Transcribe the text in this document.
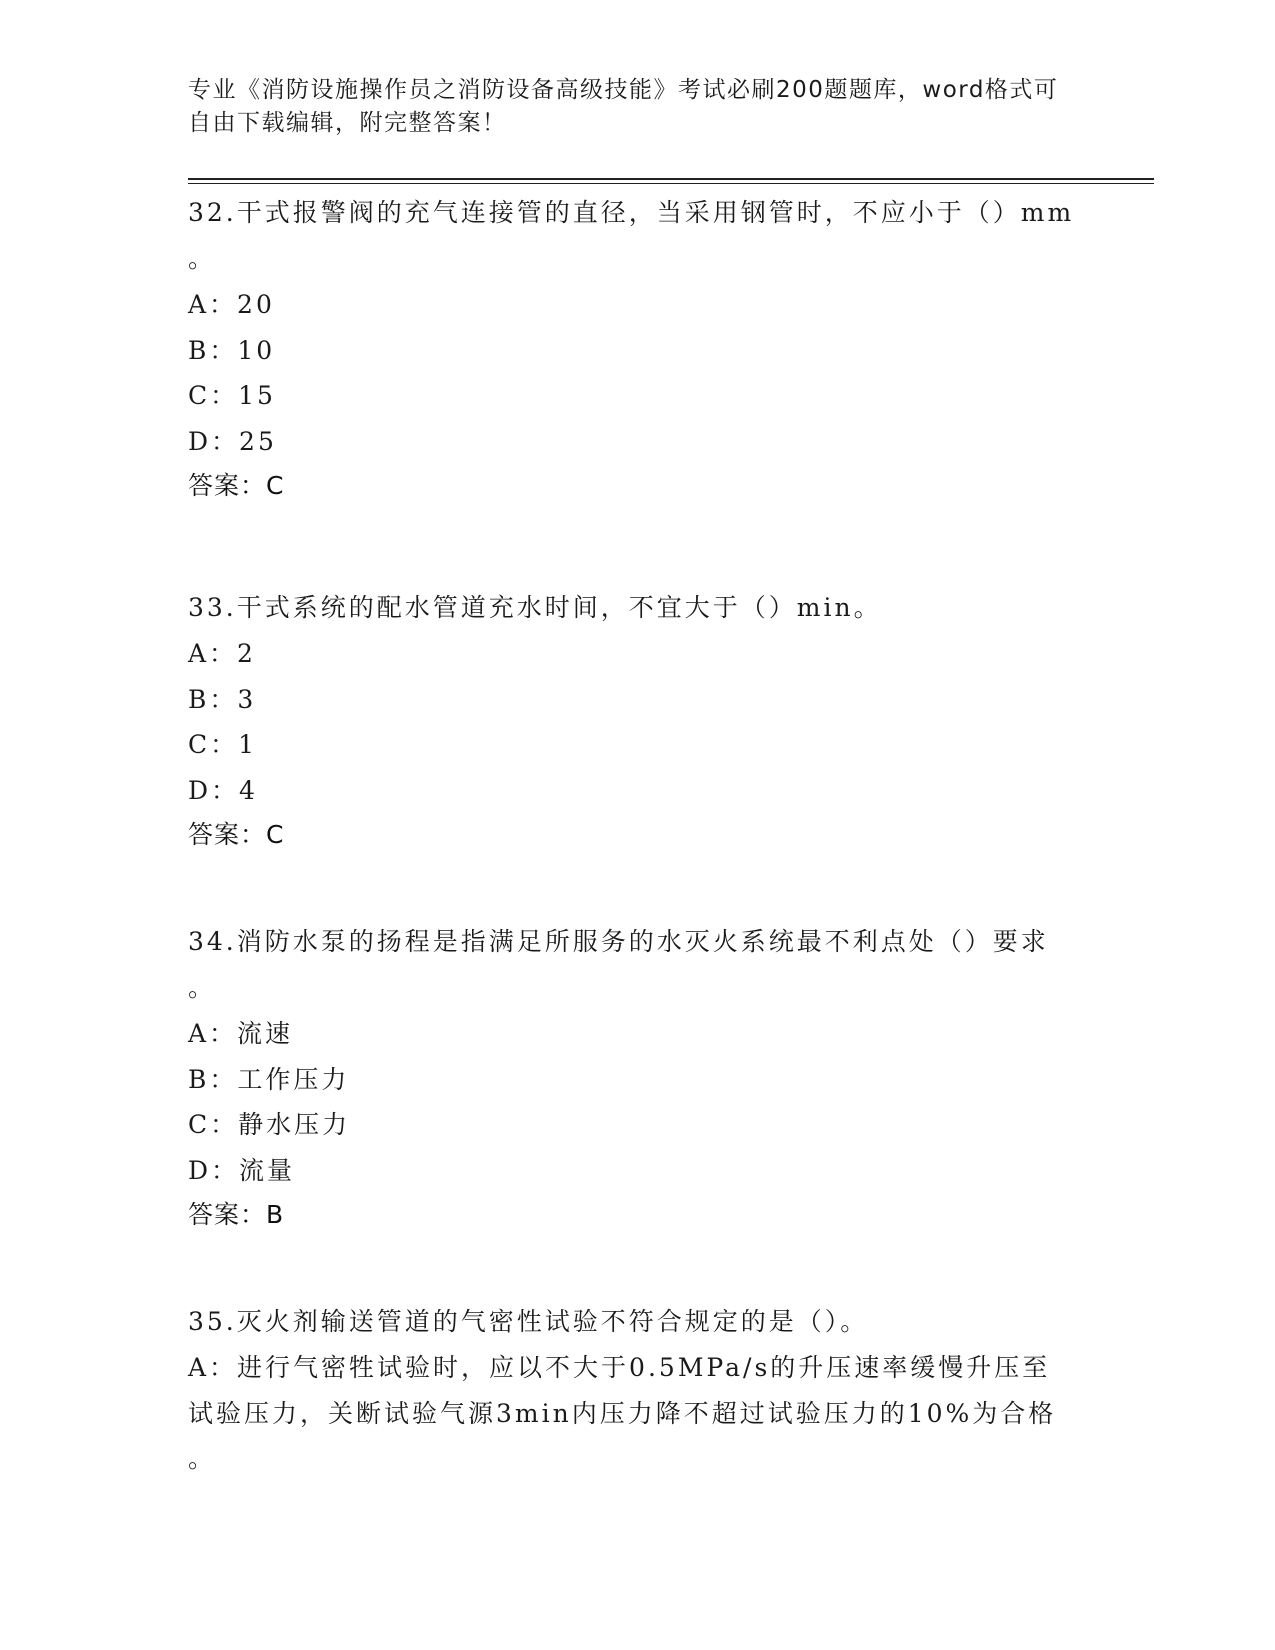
专业《消防设施操作员之消防设备高级技能》考试必刷200题题库，word格式可
自由下载编辑，附完整答案！
32.干式报警阀的充气连接管的直径，当采用钢管时，不应小于（）mm
。
A：20
B：10
C：15
D：25
答案：C
33.干式系统的配水管道充水时间，不宜大于（）min。
A：2
B：3
C：1
D：4
答案：C
34.消防水泵的扬程是指满足所服务的水灭火系统最不利点处（）要求
。
A：流速
B：工作压力
C：静水压力
D：流量
答案：B
35.灭火剂输送管道的气密性试验不符合规定的是（）。
A：进行气密牲试验时，应以不大于0.5MPa/s的升压速率缓慢升压至
试验压力，关断试验气源3min内压力降不超过试验压力的10%为合格
。
